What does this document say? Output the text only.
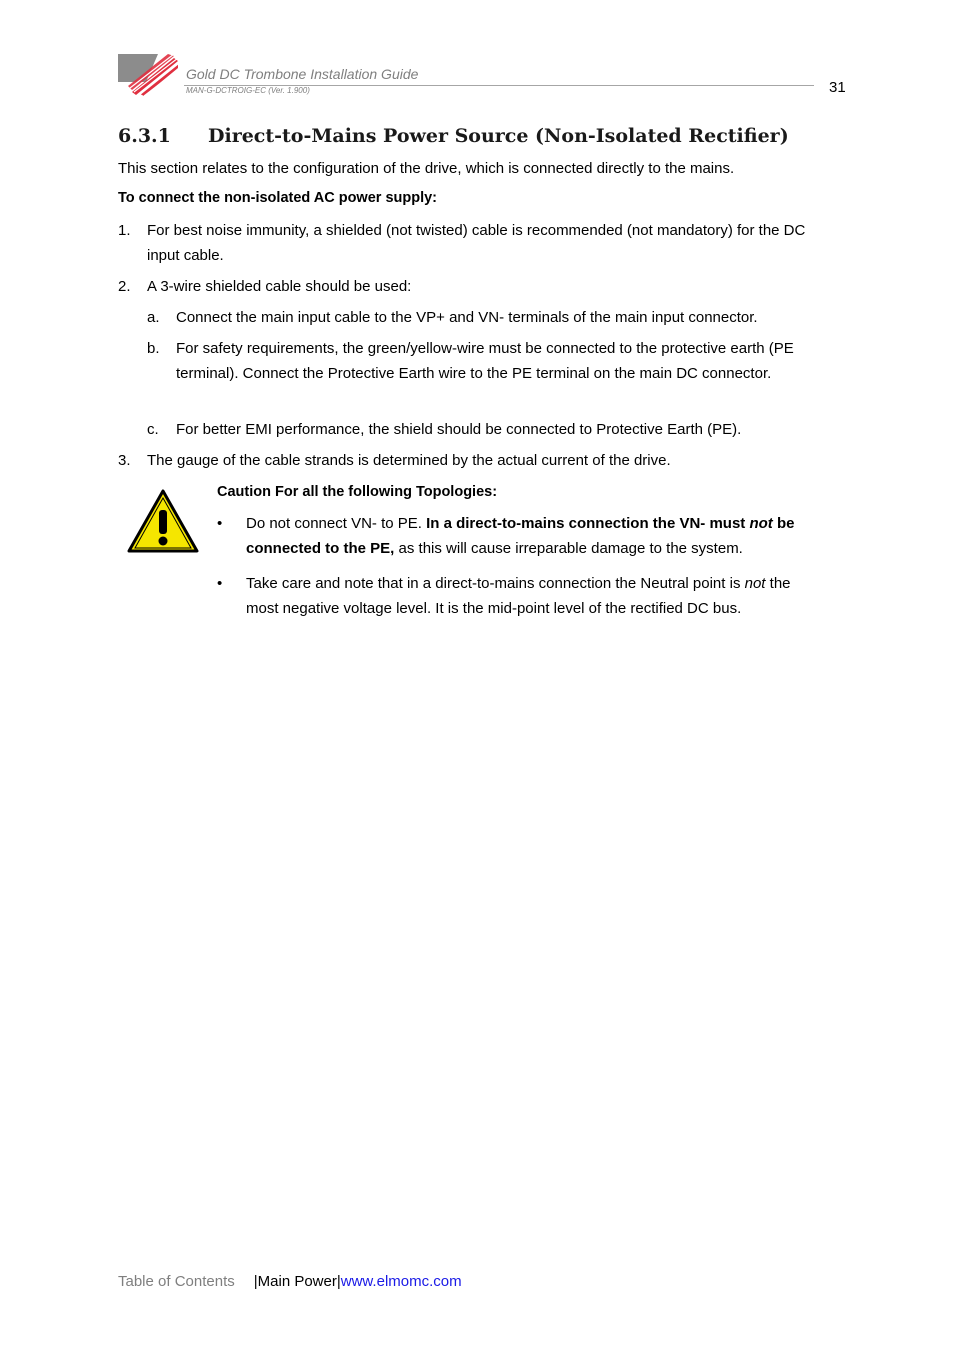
Gold DC Trombone Installation Guide
MAN-G-DCTROIG-EC (Ver. 1.900)	31
6.3.1 Direct-to-Mains Power Source (Non-Isolated Rectifier)
This section relates to the configuration of the drive, which is connected directly to the mains.
To connect the non-isolated AC power supply:
1. For best noise immunity, a shielded (not twisted) cable is recommended (not mandatory) for the DC input cable.
2. A 3-wire shielded cable should be used:
a. Connect the main input cable to the VP+ and VN- terminals of the main input connector.
b. For safety requirements, the green/yellow-wire must be connected to the protective earth (PE terminal). Connect the Protective Earth wire to the PE terminal on the main DC connector.
c. For better EMI performance, the shield should be connected to Protective Earth (PE).
3. The gauge of the cable strands is determined by the actual current of the drive.
Caution For all the following Topologies:
• Do not connect VN- to PE. In a direct-to-mains connection the VN- must not be connected to the PE, as this will cause irreparable damage to the system.
• Take care and note that in a direct-to-mains connection the Neutral point is not the most negative voltage level. It is the mid-point level of the rectified DC bus.
Table of Contents |Main Power|www.elmomc.com
